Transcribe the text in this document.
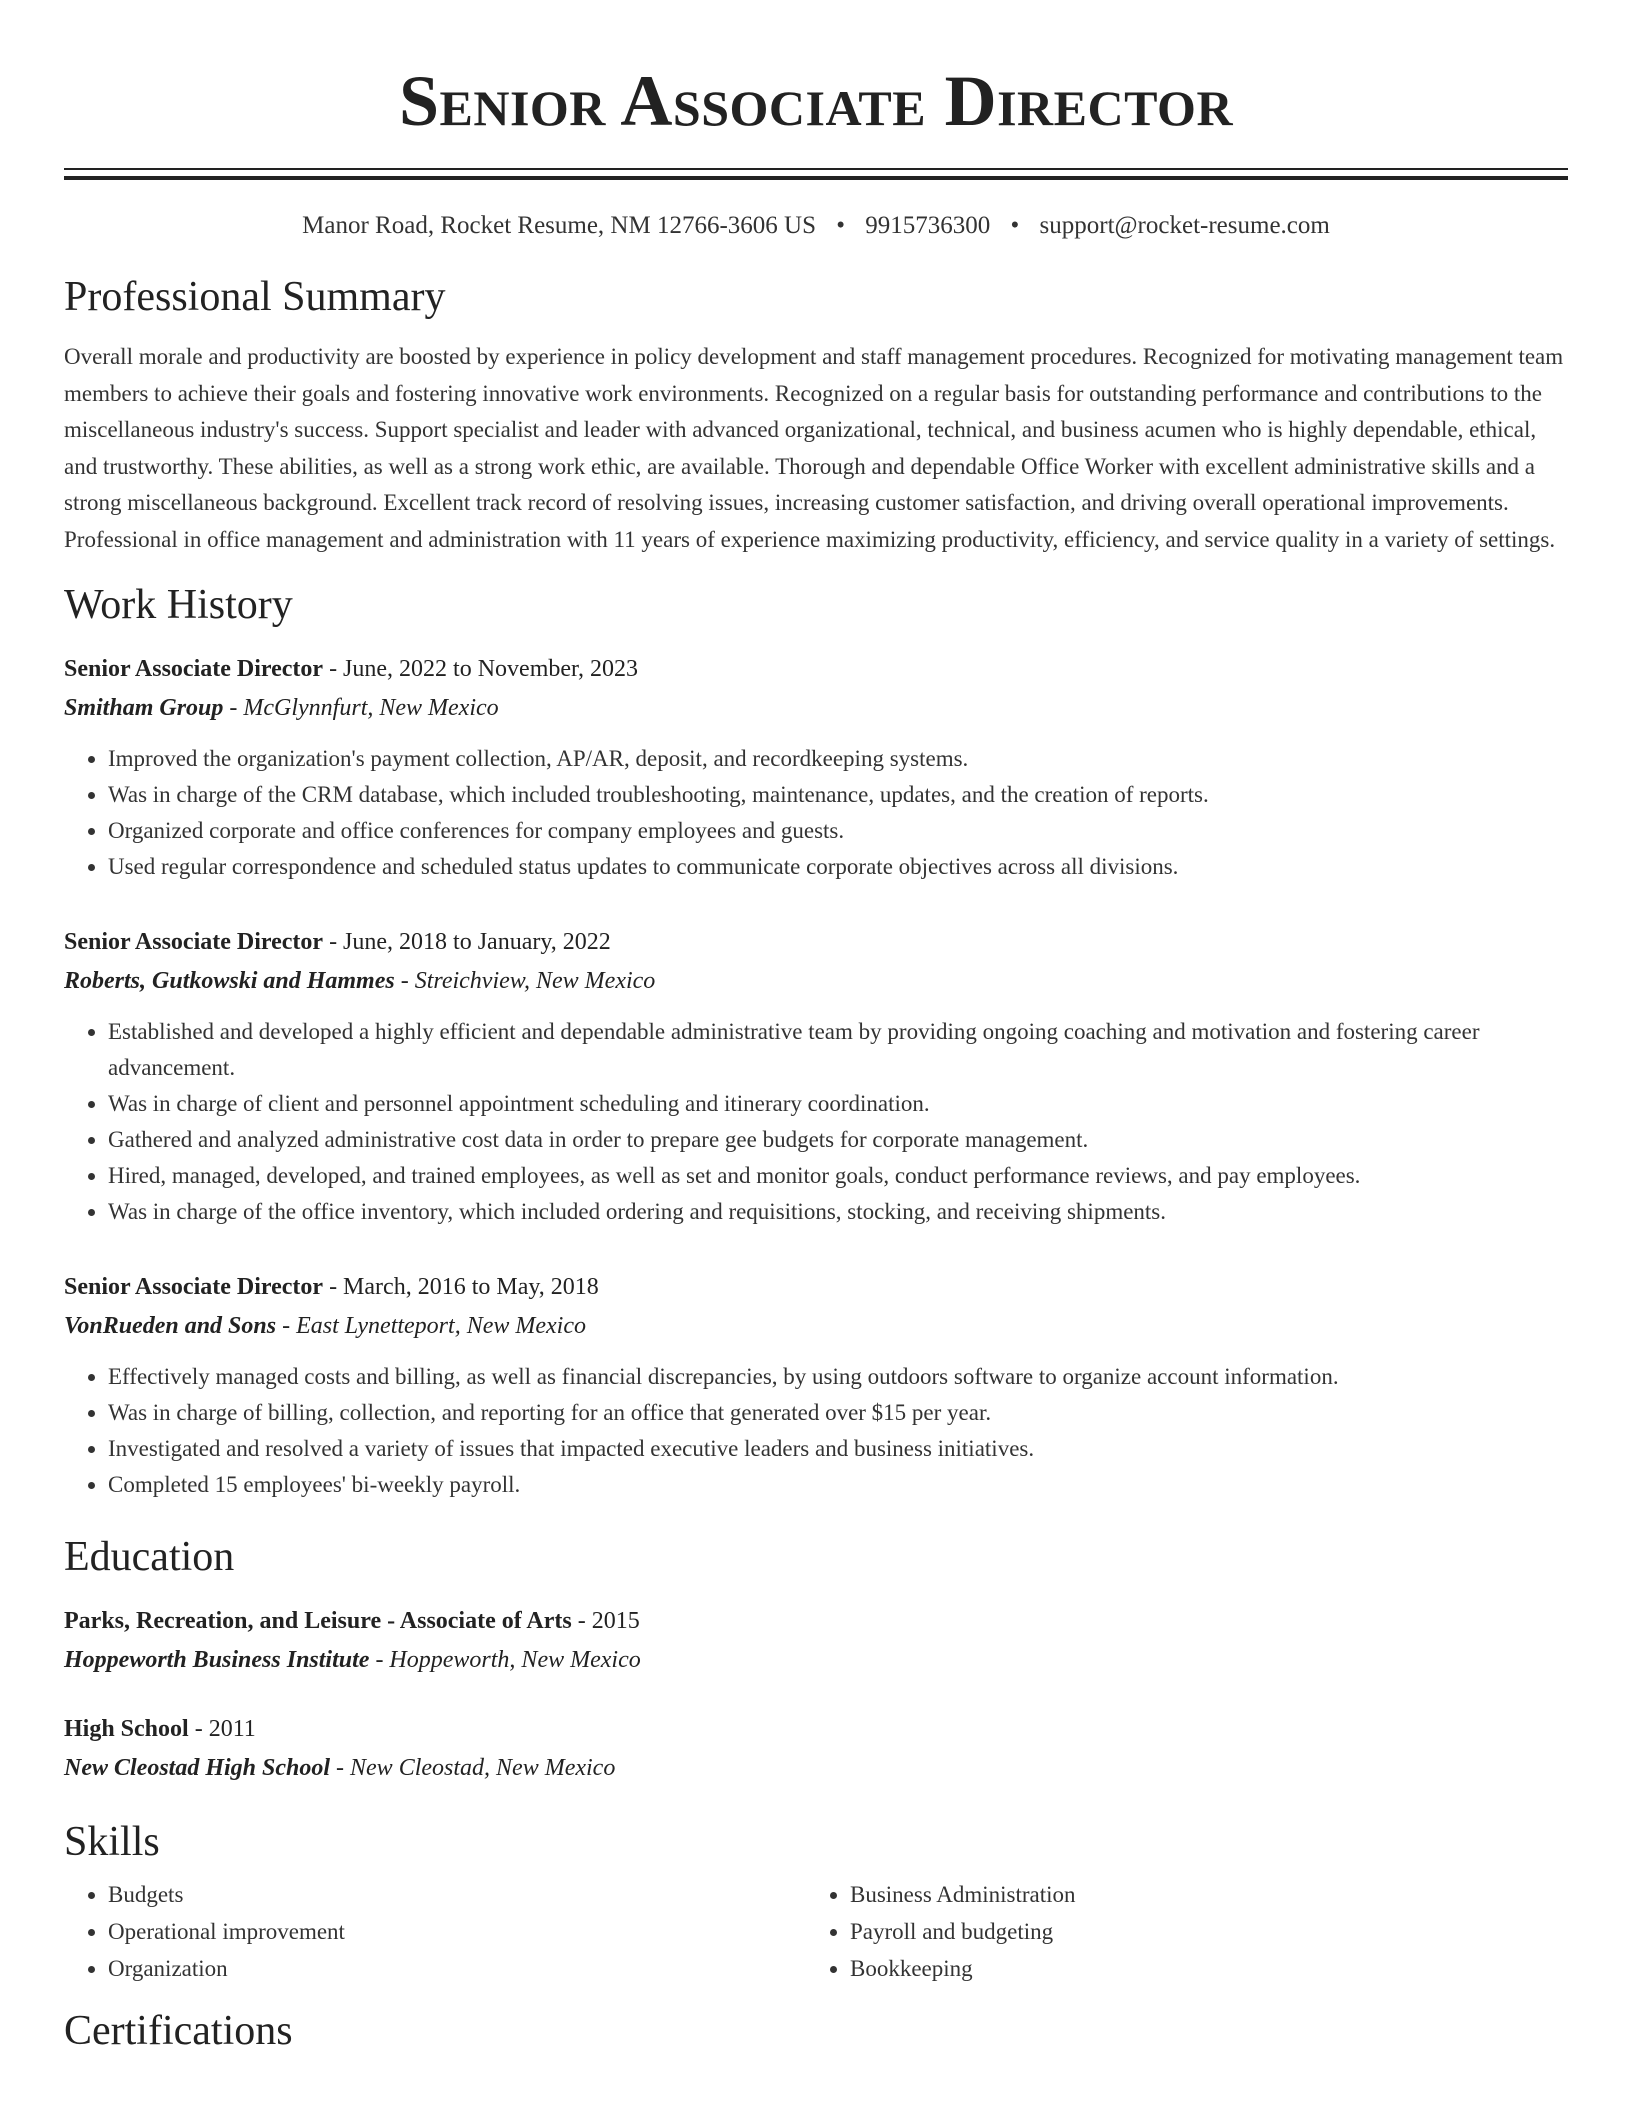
Senior Associate Director
Manor Road, Rocket Resume, NM 12766-3606 US • 9915736300 • support@rocket-resume.com
Professional Summary

Overall morale and productivity are boosted by experience in policy development and staff management procedures. Recognized for motivating management team members to achieve their goals and fostering innovative work environments. Recognized on a regular basis for outstanding performance and contributions to the miscellaneous industry's success. Support specialist and leader with advanced organizational, technical, and business acumen who is highly dependable, ethical, and trustworthy. These abilities, as well as a strong work ethic, are available. Thorough and dependable Office Worker with excellent administrative skills and a strong miscellaneous background. Excellent track record of resolving issues, increasing customer satisfaction, and driving overall operational improvements. Professional in office management and administration with 11 years of experience maximizing productivity, efficiency, and service quality in a variety of settings.

Work History
Senior Associate Director - June, 2022 to November, 2023
Smitham Group - McGlynnfurt, New Mexico
• Improved the organization's payment collection, AP/AR, deposit, and recordkeeping systems.
• Was in charge of the CRM database, which included troubleshooting, maintenance, updates, and the creation of reports.
• Organized corporate and office conferences for company employees and guests.
• Used regular correspondence and scheduled status updates to communicate corporate objectives across all divisions.
Senior Associate Director - June, 2018 to January, 2022
Roberts, Gutkowski and Hammes - Streichview, New Mexico
• Established and developed a highly efficient and dependable administrative team by providing ongoing coaching and motivation and fostering career advancement.
• Was in charge of client and personnel appointment scheduling and itinerary coordination.
• Gathered and analyzed administrative cost data in order to prepare gee budgets for corporate management.
• Hired, managed, developed, and trained employees, as well as set and monitor goals, conduct performance reviews, and pay employees.
• Was in charge of the office inventory, which included ordering and requisitions, stocking, and receiving shipments.
Senior Associate Director - March, 2016 to May, 2018
VonRueden and Sons - East Lynetteport, New Mexico
• Effectively managed costs and billing, as well as financial discrepancies, by using outdoors software to organize account information.
• Was in charge of billing, collection, and reporting for an office that generated over $15 per year.
• Investigated and resolved a variety of issues that impacted executive leaders and business initiatives.
• Completed 15 employees' bi-weekly payroll.
Education
Parks, Recreation, and Leisure - Associate of Arts - 2015
Hoppeworth Business Institute - Hoppeworth, New Mexico
High School - 2011
New Cleostad High School - New Cleostad, New Mexico
Skills
• Budgets
• Operational improvement
• Organization
• Business Administration
• Payroll and budgeting
• Bookkeeping
Certifications
